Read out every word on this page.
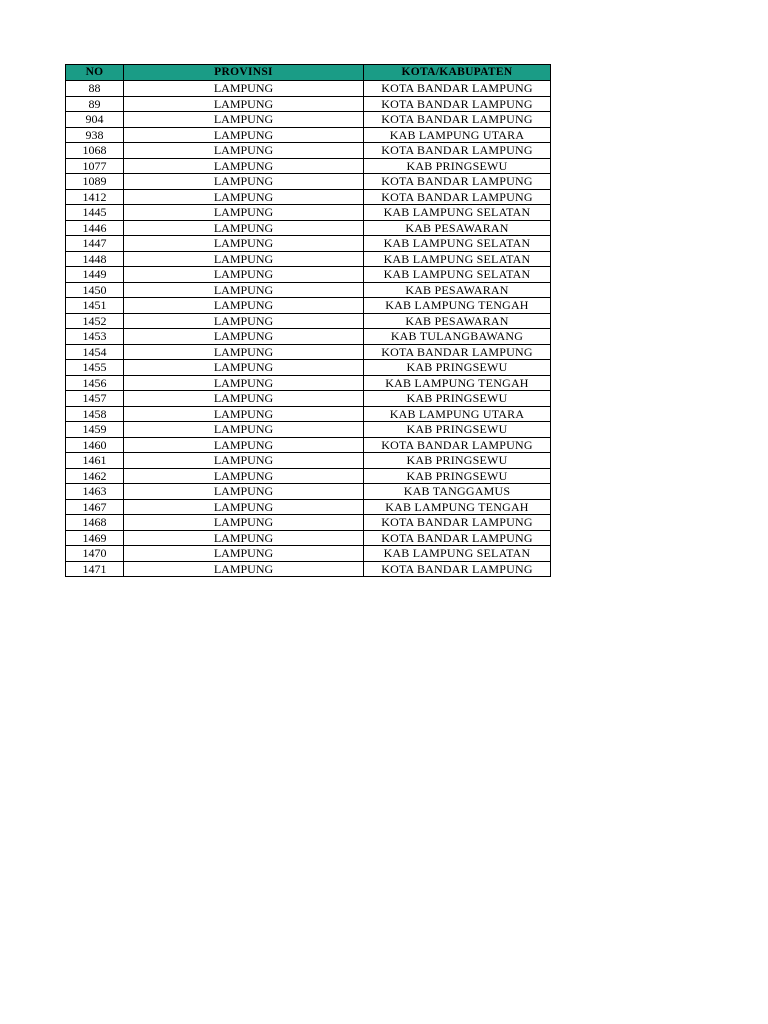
NO	PROVINSI	KOTA/KABUPATEN
88	LAMPUNG	KOTA BANDAR LAMPUNG
89	LAMPUNG	KOTA BANDAR LAMPUNG
904	LAMPUNG	KOTA BANDAR LAMPUNG
938	LAMPUNG	KAB LAMPUNG UTARA
1068	LAMPUNG	KOTA BANDAR LAMPUNG
1077	LAMPUNG	KAB PRINGSEWU
1089	LAMPUNG	KOTA BANDAR LAMPUNG
1412	LAMPUNG	KOTA BANDAR LAMPUNG
1445	LAMPUNG	KAB LAMPUNG SELATAN
1446	LAMPUNG	KAB PESAWARAN
1447	LAMPUNG	KAB LAMPUNG SELATAN
1448	LAMPUNG	KAB LAMPUNG SELATAN
1449	LAMPUNG	KAB LAMPUNG SELATAN
1450	LAMPUNG	KAB PESAWARAN
1451	LAMPUNG	KAB LAMPUNG TENGAH
1452	LAMPUNG	KAB PESAWARAN
1453	LAMPUNG	KAB TULANGBAWANG
1454	LAMPUNG	KOTA BANDAR LAMPUNG
1455	LAMPUNG	KAB PRINGSEWU
1456	LAMPUNG	KAB LAMPUNG TENGAH
1457	LAMPUNG	KAB PRINGSEWU
1458	LAMPUNG	KAB LAMPUNG UTARA
1459	LAMPUNG	KAB PRINGSEWU
1460	LAMPUNG	KOTA BANDAR LAMPUNG
1461	LAMPUNG	KAB PRINGSEWU
1462	LAMPUNG	KAB PRINGSEWU
1463	LAMPUNG	KAB TANGGAMUS
1467	LAMPUNG	KAB LAMPUNG TENGAH
1468	LAMPUNG	KOTA BANDAR LAMPUNG
1469	LAMPUNG	KOTA BANDAR LAMPUNG
1470	LAMPUNG	KAB LAMPUNG SELATAN
1471	LAMPUNG	KOTA BANDAR LAMPUNG
